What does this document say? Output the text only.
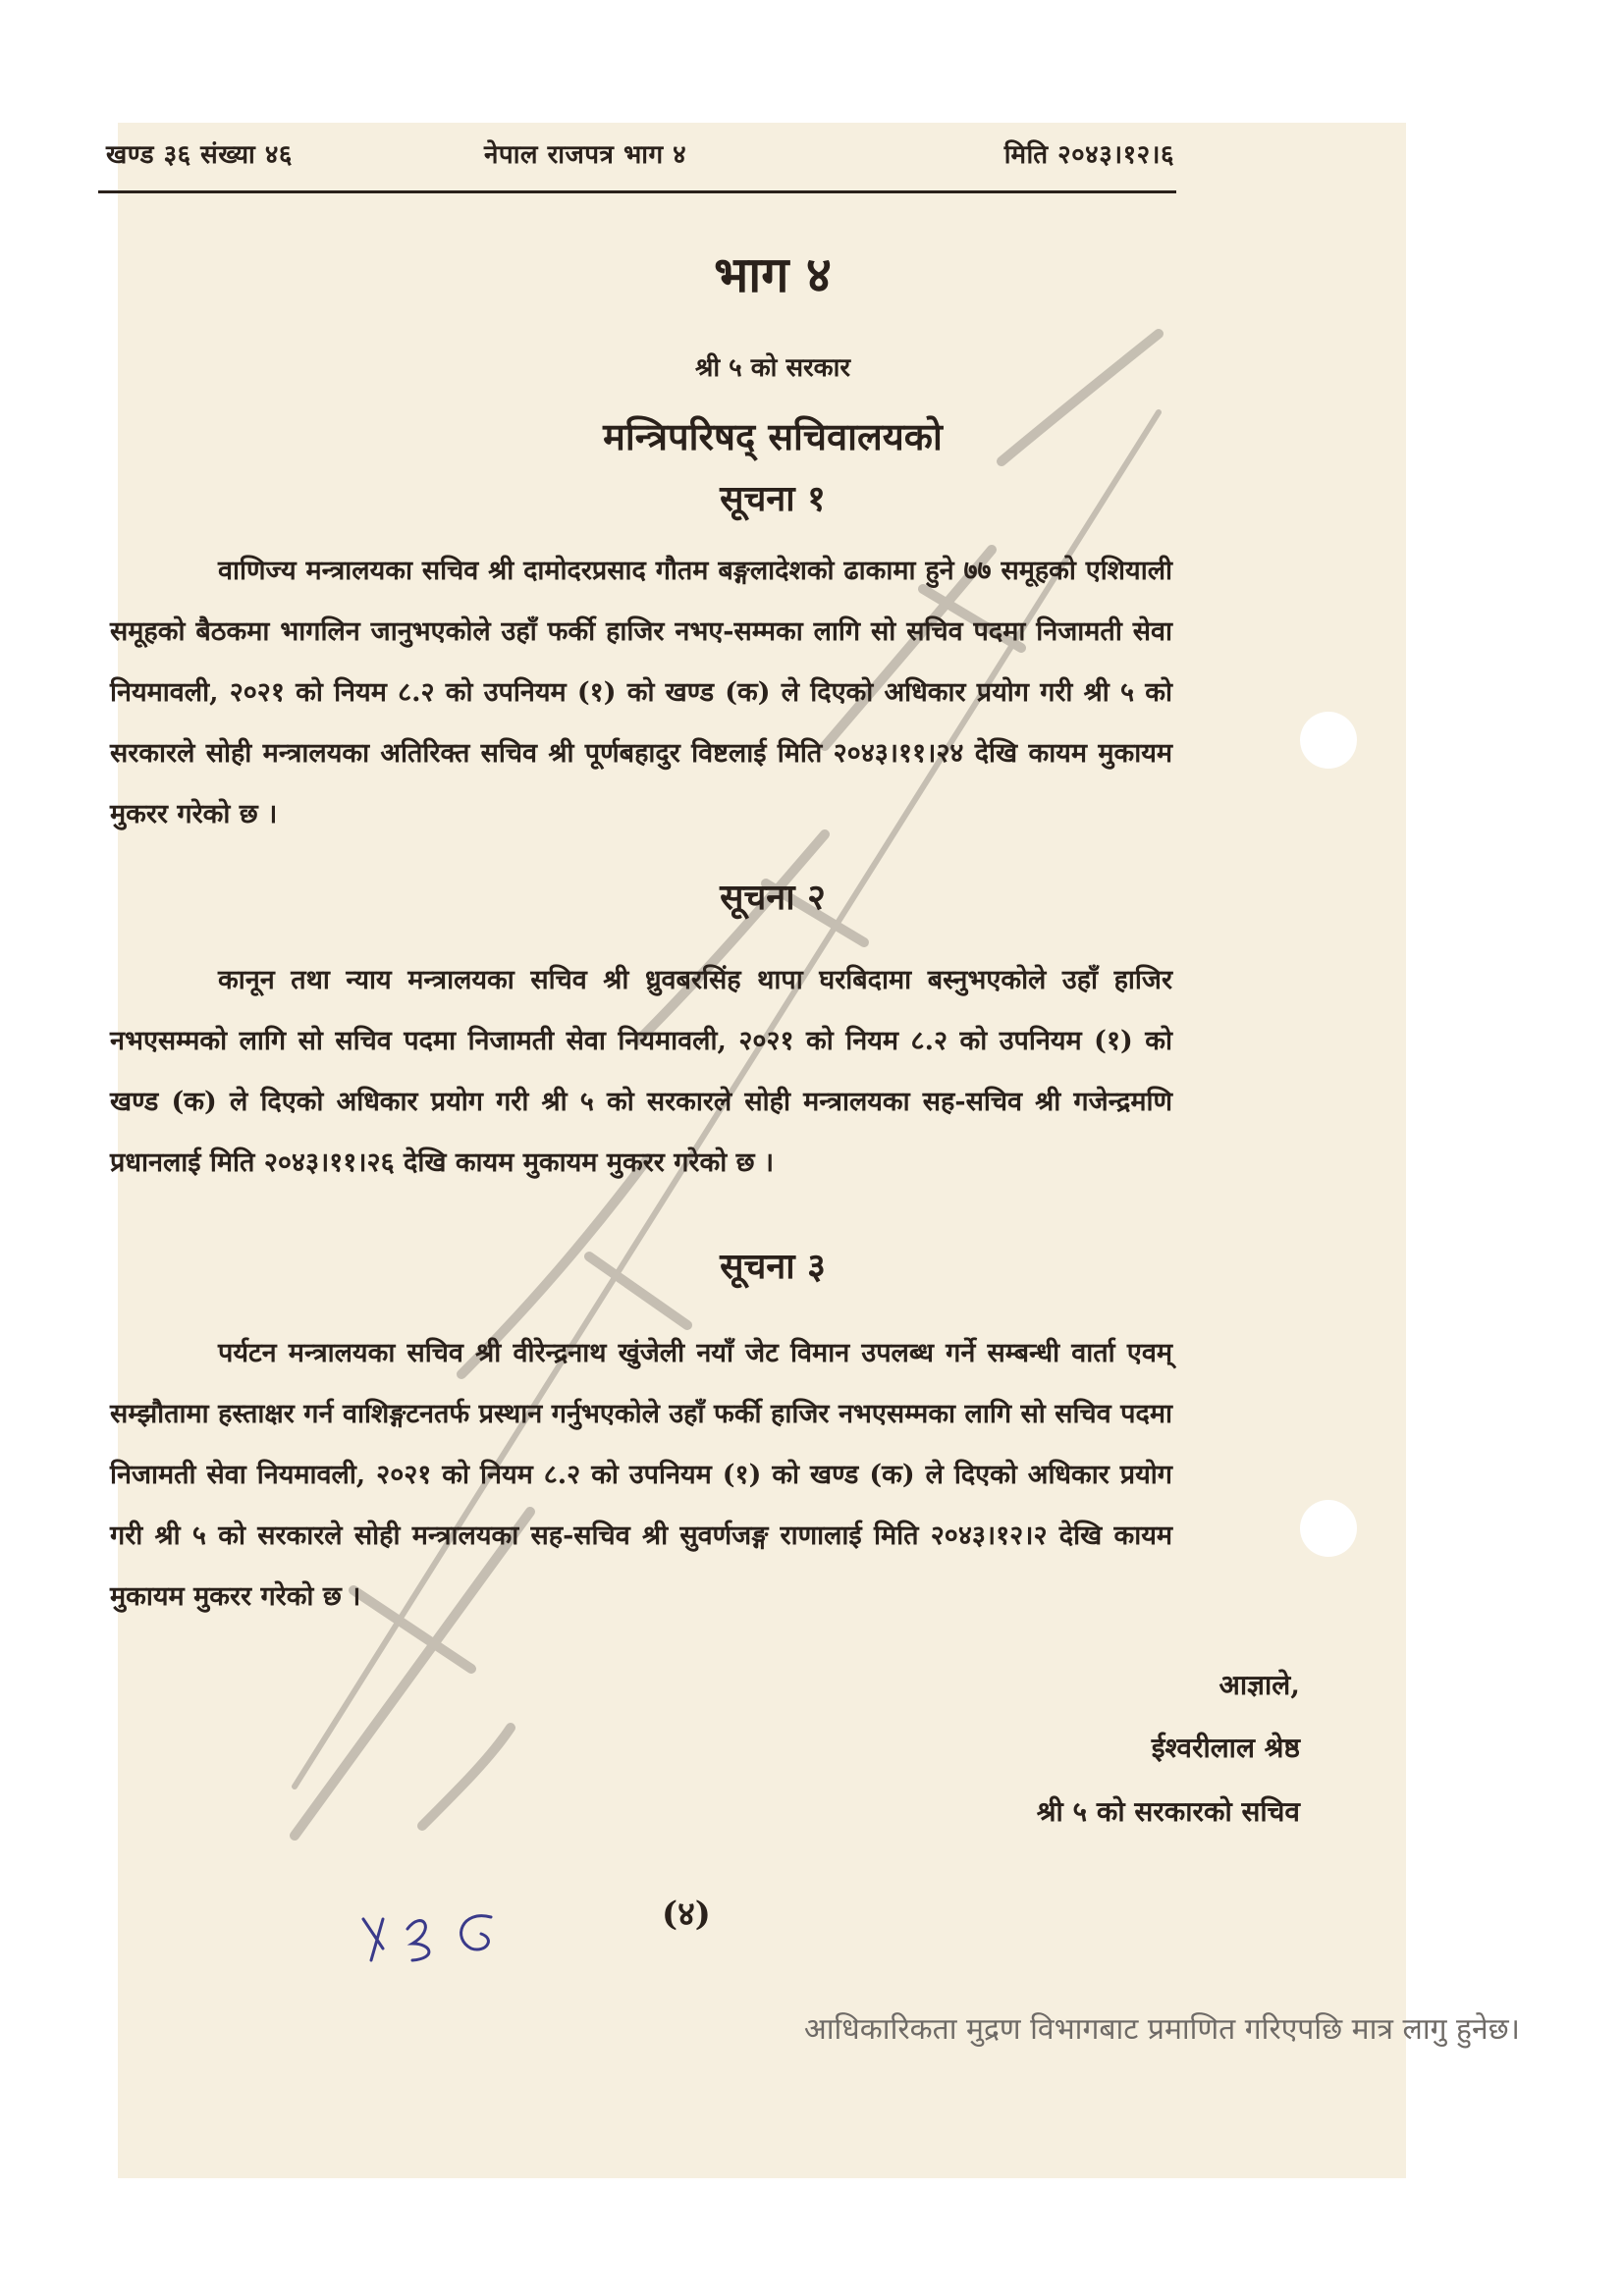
खण्ड ३६ संख्या ४६	नेपाल राजपत्र भाग ४	मिति २०४३।१२।६
भाग ४
श्री ५ को सरकार
मन्त्रिपरिषद् सचिवालयको
सूचना १
वाणिज्य मन्त्रालयका सचिव श्री दामोदरप्रसाद गौतम बङ्गलादेशको ढाकामा हुने ७७ समूहको एशियाली समूहको बैठकमा भागलिन जानुभएकोले उहाँ फर्की हाजिर नभए-सम्मका लागि सो सचिव पदमा निजामती सेवा नियमावली, २०२१ को नियम ८.२ को उपनियम (१) को खण्ड (क) ले दिएको अधिकार प्रयोग गरी श्री ५ को सरकारले सोही मन्त्रालयका अतिरिक्त सचिव श्री पूर्णबहादुर विष्टलाई मिति २०४३।११।२४ देखि कायम मुकायम मुकरर गरेको छ ।
सूचना २
कानून तथा न्याय मन्त्रालयका सचिव श्री ध्रुवबरसिंह थापा घरबिदामा बस्नुभएकोले उहाँ हाजिर नभएसम्मको लागि सो सचिव पदमा निजामती सेवा नियमावली, २०२१ को नियम ८.२ को उपनियम (१) को खण्ड (क) ले दिएको अधिकार प्रयोग गरी श्री ५ को सरकारले सोही मन्त्रालयका सह-सचिव श्री गजेन्द्रमणि प्रधानलाई मिति २०४३।११।२६ देखि कायम मुकायम मुकरर गरेको छ ।
सूचना ३
पर्यटन मन्त्रालयका सचिव श्री वीरेन्द्रनाथ खुंजेली नयाँ जेट विमान उपलब्ध गर्ने सम्बन्धी वार्ता एवम् सम्झौतामा हस्ताक्षर गर्न वाशिङ्गटनतर्फ प्रस्थान गर्नुभएकोले उहाँ फर्की हाजिर नभएसम्मका लागि सो सचिव पदमा निजामती सेवा नियमावली, २०२१ को नियम ८.२ को उपनियम (१) को खण्ड (क) ले दिएको अधिकार प्रयोग गरी श्री ५ को सरकारले सोही मन्त्रालयका सह-सचिव श्री सुवर्णजङ्ग राणालाई मिति २०४३।१२।२ देखि कायम मुकायम मुकरर गरेको छ ।
आज्ञाले,
ईश्वरीलाल श्रेष्ठ
श्री ५ को सरकारको सचिव
(४)
आधिकारिकता मुद्रण विभागबाट प्रमाणित गरिएपछि मात्र लागु हुनेछ।
